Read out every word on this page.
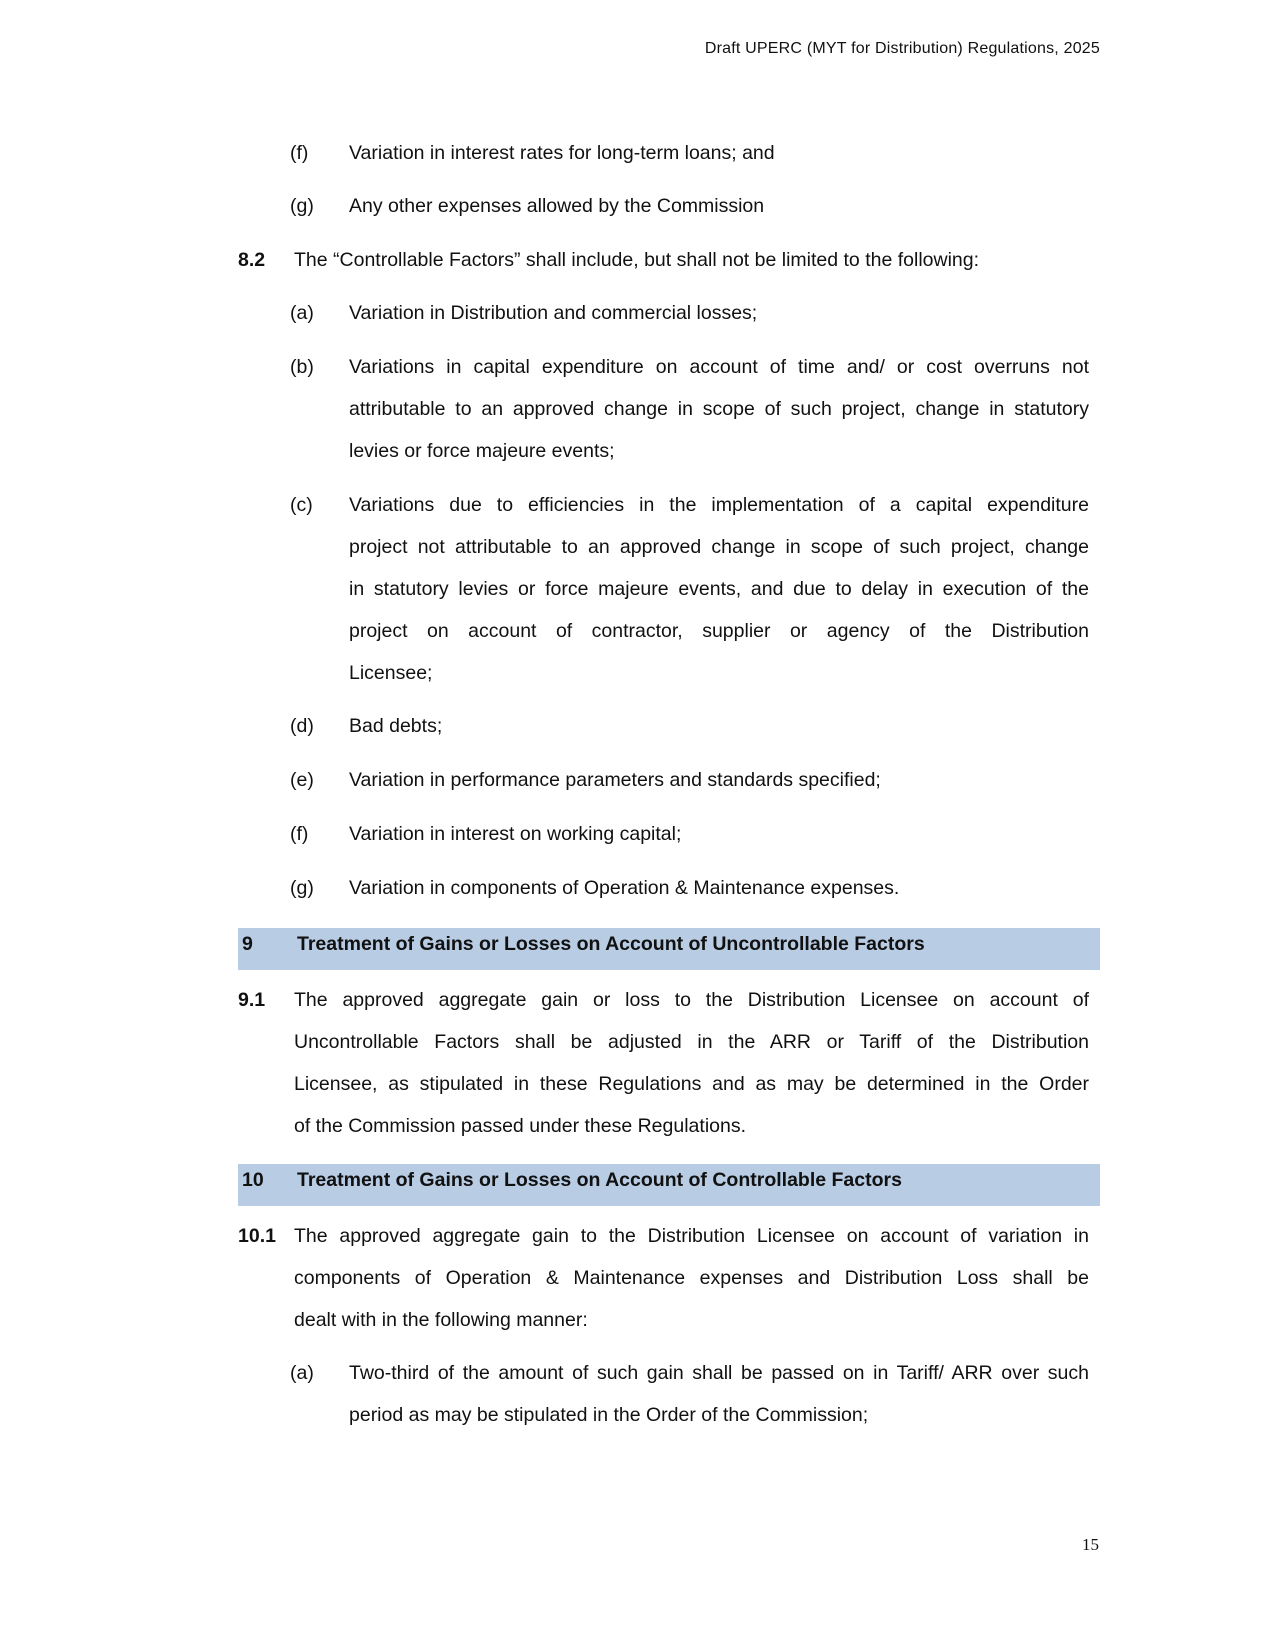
Draft UPERC (MYT for Distribution) Regulations, 2025
(f) Variation in interest rates for long-term loans; and
(g) Any other expenses allowed by the Commission
8.2 The “Controllable Factors” shall include, but shall not be limited to the following:
(a) Variation in Distribution and commercial losses;
(b) Variations in capital expenditure on account of time and/ or cost overruns not
attributable to an approved change in scope of such project, change in statutory
levies or force majeure events;
(c) Variations due to efficiencies in the implementation of a capital expenditure
project not attributable to an approved change in scope of such project, change
in statutory levies or force majeure events, and due to delay in execution of the
project on account of contractor, supplier or agency of the Distribution
Licensee;
(d) Bad debts;
(e) Variation in performance parameters and standards specified;
(f) Variation in interest on working capital;
(g) Variation in components of Operation & Maintenance expenses.
9 Treatment of Gains or Losses on Account of Uncontrollable Factors
9.1 The approved aggregate gain or loss to the Distribution Licensee on account of
Uncontrollable Factors shall be adjusted in the ARR or Tariff of the Distribution
Licensee, as stipulated in these Regulations and as may be determined in the Order
of the Commission passed under these Regulations.
10 Treatment of Gains or Losses on Account of Controllable Factors
10.1 The approved aggregate gain to the Distribution Licensee on account of variation in
components of Operation & Maintenance expenses and Distribution Loss shall be
dealt with in the following manner:
(a) Two-third of the amount of such gain shall be passed on in Tariff/ ARR over such
period as may be stipulated in the Order of the Commission;
15
